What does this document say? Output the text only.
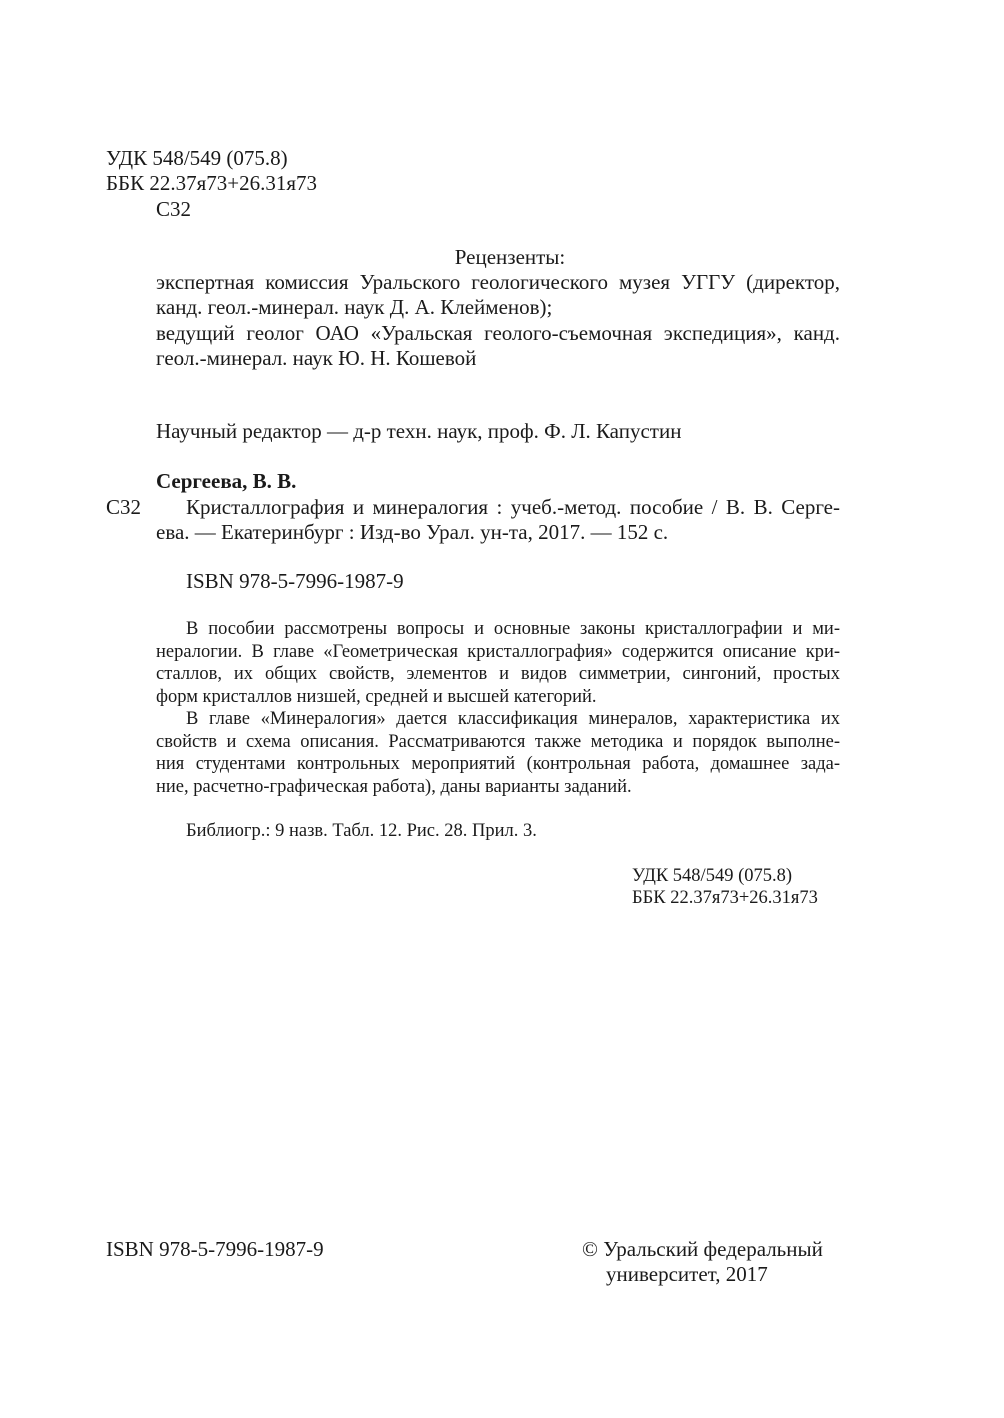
УДК 548/549 (075.8)
ББК 22.37я73+26.31я73
С32
Рецензенты:
экспертная комиссия Уральского геологического музея УГГУ (директор,
канд. геол.-минерал. наук Д. А. Клейменов);
ведущий геолог ОАО «Уральская геолого-съемочная экспедиция», канд.
геол.-минерал. наук Ю. Н. Кошевой
Научный редактор — д-р техн. наук, проф. Ф. Л. Капустин
Сергеева, В. В.
С32 Кристаллография и минералогия : учеб.-метод. пособие / В. В. Серге-
ева. — Екатеринбург : Изд-во Урал. ун-та, 2017. — 152 с.
ISBN 978-5-7996-1987-9
В пособии рассмотрены вопросы и основные законы кристаллографии и ми-
нералогии. В главе «Геометрическая кристаллография» содержится описание кри-
сталлов, их общих свойств, элементов и видов симметрии, сингоний, простых
форм кристаллов низшей, средней и высшей категорий.
В главе «Минералогия» дается классификация минералов, характеристика их
свойств и схема описания. Рассматриваются также методика и порядок выполне-
ния студентами контрольных мероприятий (контрольная работа, домашнее зада-
ние, расчетно-графическая работа), даны варианты заданий.
Библиогр.: 9 назв. Табл. 12. Рис. 28. Прил. 3.
УДК 548/549 (075.8)
ББК 22.37я73+26.31я73
ISBN 978-5-7996-1987-9	© Уральский федеральный
университет, 2017
